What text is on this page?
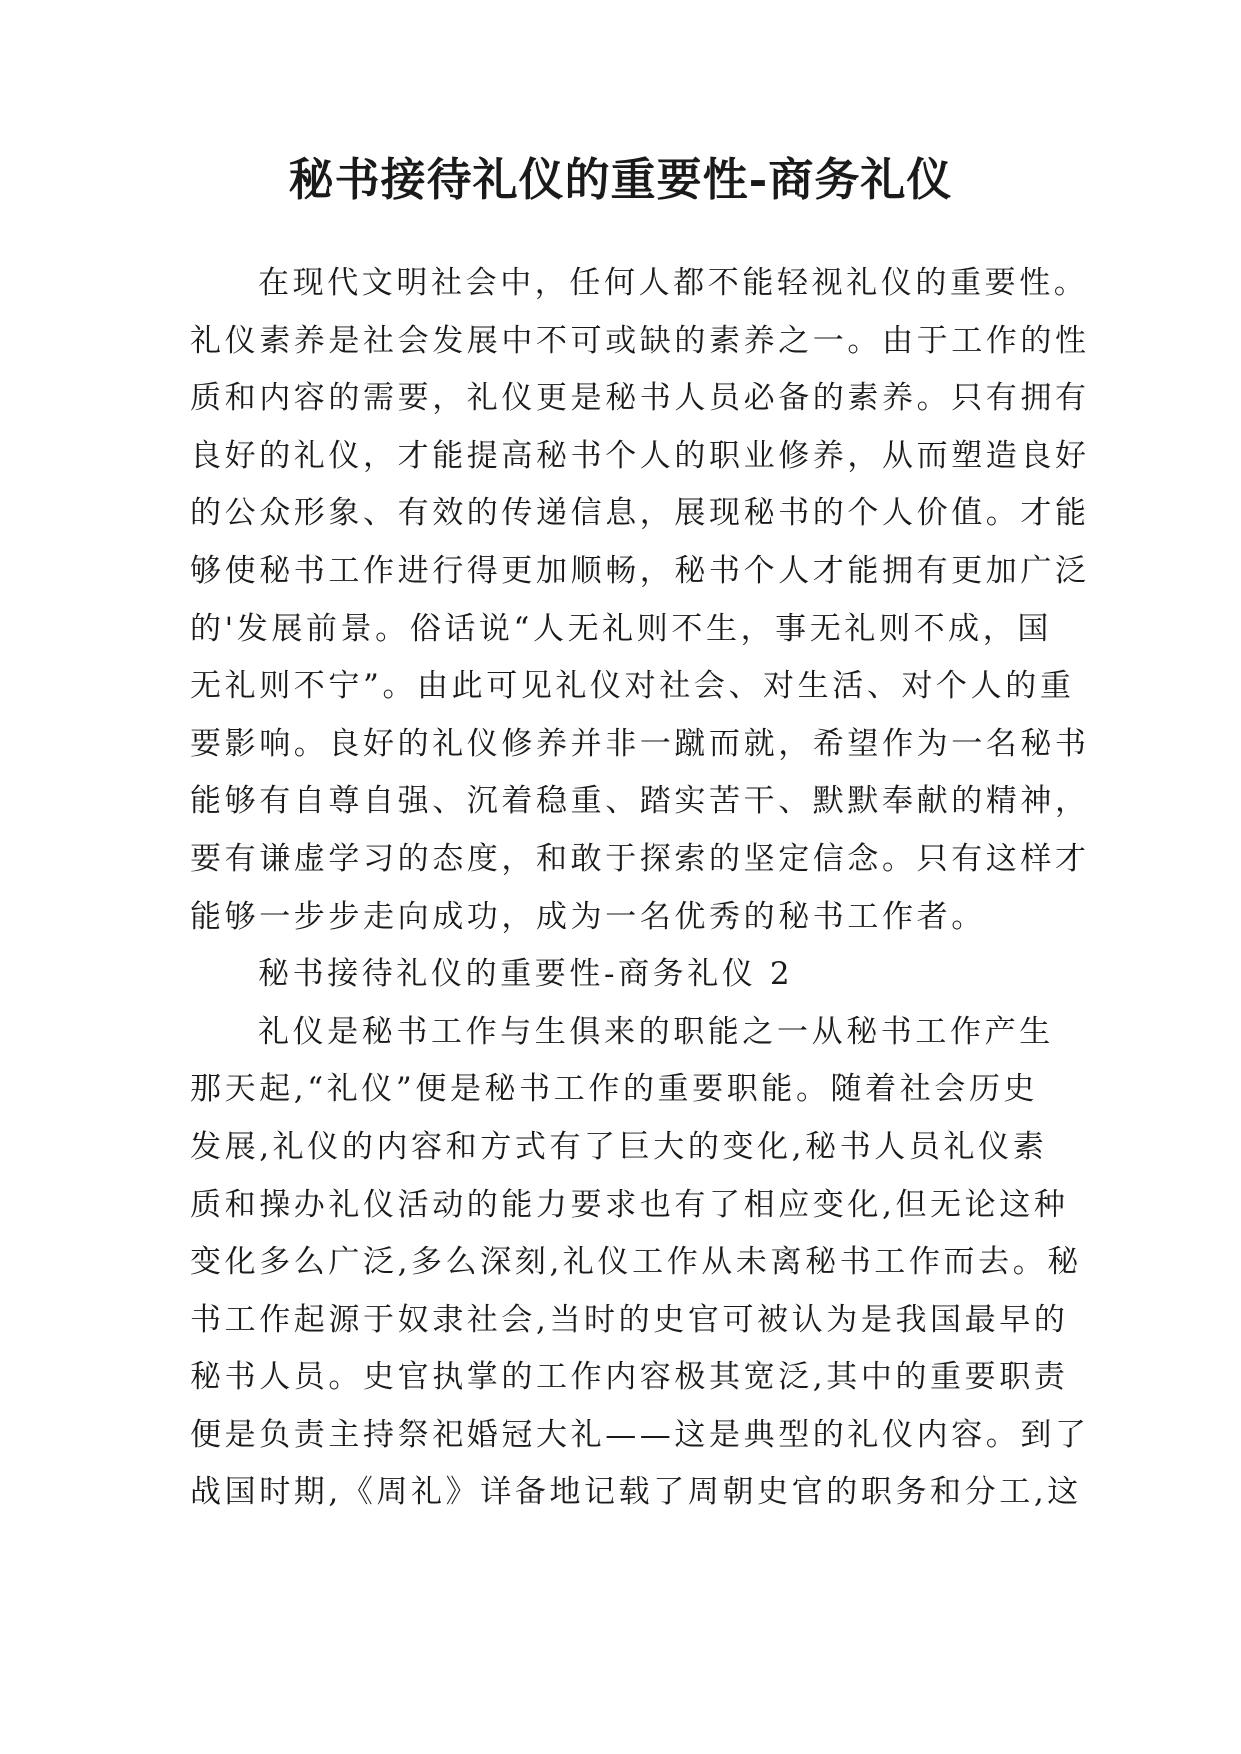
秘书接待礼仪的重要性-商务礼仪
在现代文明社会中，任何人都不能轻视礼仪的重要性。
礼仪素养是社会发展中不可或缺的素养之一。由于工作的性
质和内容的需要，礼仪更是秘书人员必备的素养。只有拥有
良好的礼仪，才能提高秘书个人的职业修养，从而塑造良好
的公众形象、有效的传递信息，展现秘书的个人价值。才能
够使秘书工作进行得更加顺畅，秘书个人才能拥有更加广泛
的'发展前景。俗话说“人无礼则不生，事无礼则不成，国
无礼则不宁”。由此可见礼仪对社会、对生活、对个人的重
要影响。良好的礼仪修养并非一蹴而就，希望作为一名秘书
能够有自尊自强、沉着稳重、踏实苦干、默默奉献的精神，
要有谦虚学习的态度，和敢于探索的坚定信念。只有这样才
能够一步步走向成功，成为一名优秀的秘书工作者。
秘书接待礼仪的重要性-商务礼仪 2
礼仪是秘书工作与生俱来的职能之一从秘书工作产生
那天起,“礼仪”便是秘书工作的重要职能。随着社会历史
发展,礼仪的内容和方式有了巨大的变化,秘书人员礼仪素
质和操办礼仪活动的能力要求也有了相应变化,但无论这种
变化多么广泛,多么深刻,礼仪工作从未离秘书工作而去。秘
书工作起源于奴隶社会,当时的史官可被认为是我国最早的
秘书人员。史官执掌的工作内容极其宽泛,其中的重要职责
便是负责主持祭祀婚冠大礼——这是典型的礼仪内容。到了
战国时期,《周礼》详备地记载了周朝史官的职务和分工,这
